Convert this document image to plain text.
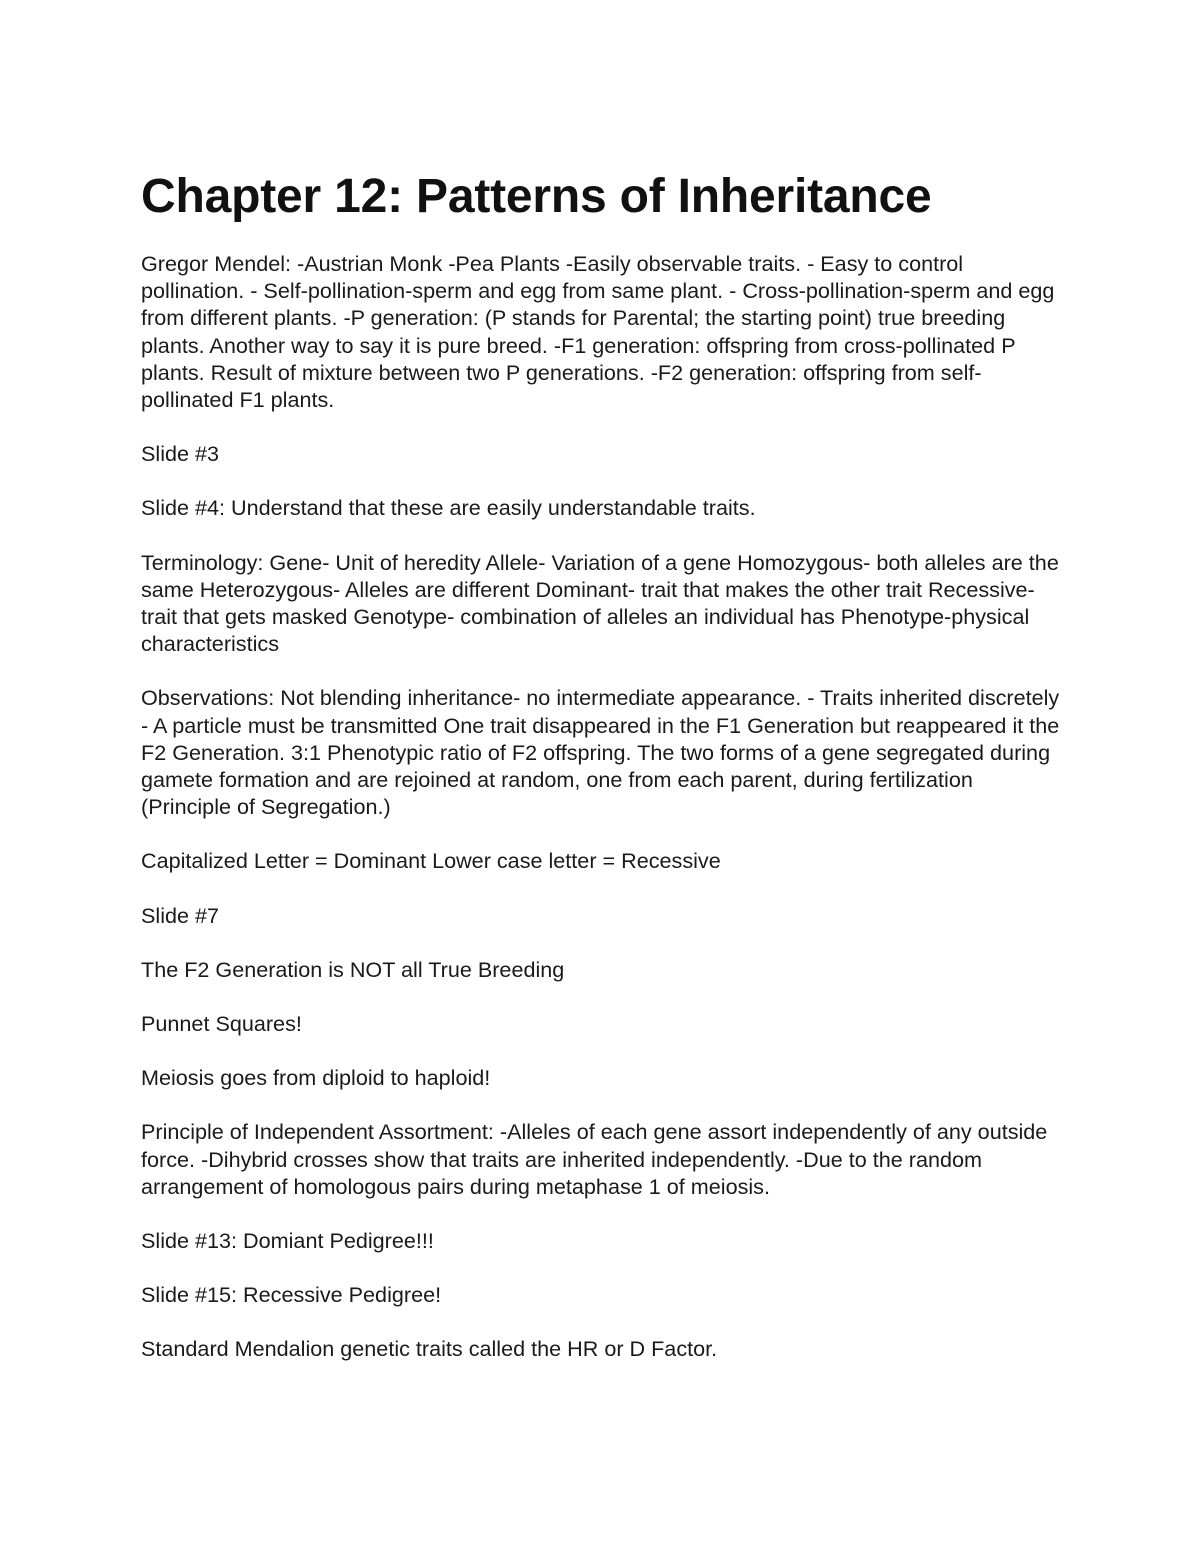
Chapter 12: Patterns of Inheritance

Gregor Mendel: -Austrian Monk -Pea Plants -Easily observable traits. - Easy to control pollination. - Self-pollination-sperm and egg from same plant. - Cross-pollination-sperm and egg from different plants. -P generation: (P stands for Parental; the starting point) true breeding plants. Another way to say it is pure breed. -F1 generation: offspring from cross-pollinated P plants. Result of mixture between two P generations. -F2 generation: offspring from self-pollinated F1 plants.

Slide #3

Slide #4: Understand that these are easily understandable traits.

Terminology: Gene- Unit of heredity Allele- Variation of a gene Homozygous- both alleles are the same Heterozygous- Alleles are different Dominant- trait that makes the other trait Recessive- trait that gets masked Genotype- combination of alleles an individual has Phenotype-physical characteristics

Observations: Not blending inheritance- no intermediate appearance. - Traits inherited discretely - A particle must be transmitted One trait disappeared in the F1 Generation but reappeared it the F2 Generation. 3:1 Phenotypic ratio of F2 offspring. The two forms of a gene segregated during gamete formation and are rejoined at random, one from each parent, during fertilization (Principle of Segregation.)

Capitalized Letter = Dominant Lower case letter = Recessive

Slide #7

The F2 Generation is NOT all True Breeding

Punnet Squares!

Meiosis goes from diploid to haploid!

Principle of Independent Assortment: -Alleles of each gene assort independently of any outside force. -Dihybrid crosses show that traits are inherited independently. -Due to the random arrangement of homologous pairs during metaphase 1 of meiosis.

Slide #13: Domiant Pedigree!!!

Slide #15: Recessive Pedigree!

Standard Mendalion genetic traits called the HR or D Factor.
